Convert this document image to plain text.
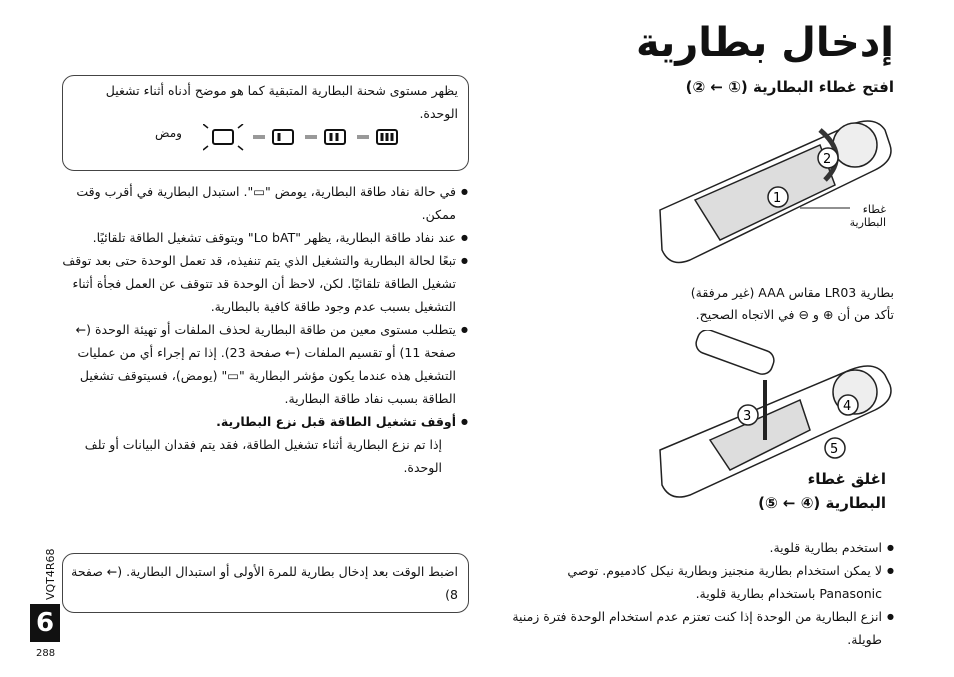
إدخال بطارية
افتح غطاء البطارية (① ← ②)
1
2
غطاء البطارية
بطارية LR03 مقاس AAA (غير مرفقة)
تأكد من أن ⊕ و ⊖ في الاتجاه الصحيح.
3
4
5
اغلق غطاء
البطارية (④ ← ⑤)
● استخدم بطارية قلوية.
● لا يمكن استخدام بطارية منجنيز وبطارية نيكل كادميوم. توصي Panasonic باستخدام بطارية قلوية.
● انزع البطارية من الوحدة إذا كنت تعتزم عدم استخدام الوحدة فترة زمنية طويلة.
يظهر مستوى شحنة البطارية المتبقية كما هو موضح أدناه أثناء تشغيل الوحدة.
ومض
● في حالة نفاد طاقة البطارية، يومض "▭". استبدل البطارية في أقرب وقت ممكن.
● عند نفاد طاقة البطارية، يظهر "Lo bAT" ويتوقف تشغيل الطاقة تلقائيًا.
● تبعًا لحالة البطارية والتشغيل الذي يتم تنفيذه، قد تعمل الوحدة حتى بعد توقف تشغيل الطاقة تلقائيًا. لكن، لاحظ أن الوحدة قد تتوقف عن العمل فجأة أثناء التشغيل بسبب عدم وجود طاقة كافية بالبطارية.
● يتطلب مستوى معين من طاقة البطارية لحذف الملفات أو تهيئة الوحدة (← صفحة 11) أو تقسيم الملفات (← صفحة 23). إذا تم إجراء أي من عمليات التشغيل هذه عندما يكون مؤشر البطارية "▭" (يومض)، فسيتوقف تشغيل الطاقة بسبب نفاد طاقة البطارية.
● أوقف تشغيل الطاقة قبل نزع البطارية.
إذا تم نزع البطارية أثناء تشغيل الطاقة، فقد يتم فقدان البيانات أو تلف الوحدة.
اضبط الوقت بعد إدخال بطارية للمرة الأولى أو استبدال البطارية. (← صفحة 8)
VQT4R68
6
288
